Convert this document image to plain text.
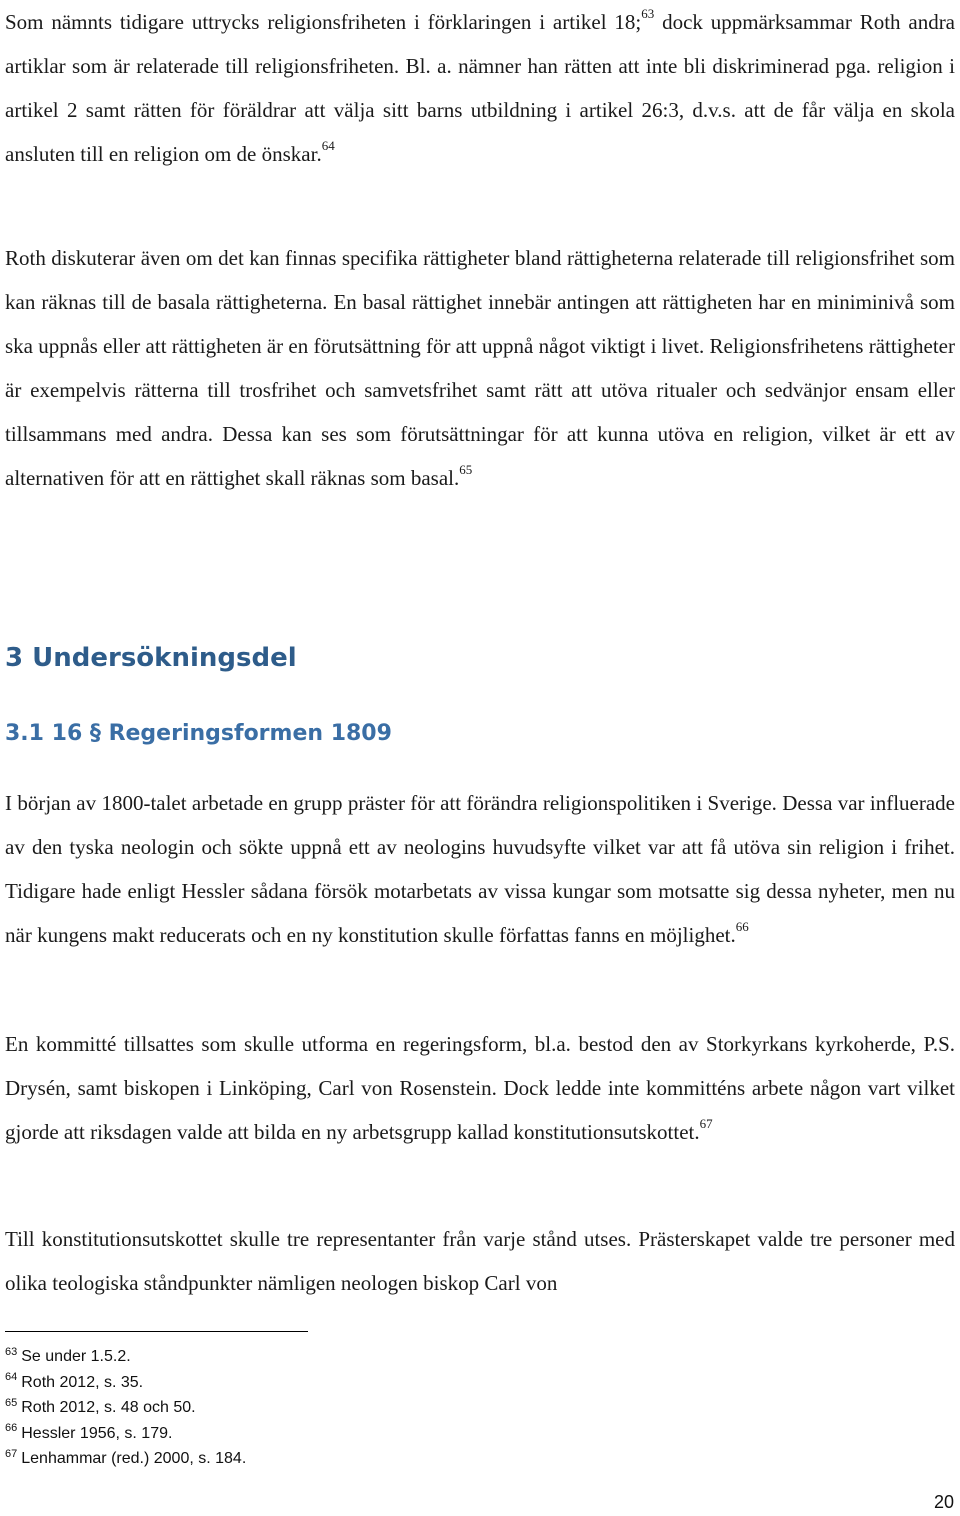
Som nämnts tidigare uttrycks religionsfriheten i förklaringen i artikel 18;$^{63}$ dock uppmärksammar Roth andra artiklar som är relaterade till religionsfriheten. Bl. a. nämner han rätten att inte bli diskriminerad pga. religion i artikel 2 samt rätten för föräldrar att välja sitt barns utbildning i artikel 26:3, d.v.s. att de får välja en skola ansluten till en religion om de önskar.$^{64}$

Roth diskuterar även om det kan finnas specifika rättigheter bland rättigheterna relaterade till religionsfrihet som kan räknas till de basala rättigheterna. En basal rättighet innebär antingen att rättigheten har en miniminivå som ska uppnås eller att rättigheten är en förutsättning för att uppnå något viktigt i livet. Religionsfrihetens rättigheter är exempelvis rätterna till trosfrihet och samvetsfrihet samt rätt att utöva ritualer och sedvänjor ensam eller tillsammans med andra. Dessa kan ses som förutsättningar för att kunna utöva en religion, vilket är ett av alternativen för att en rättighet skall räknas som basal.$^{65}$

3 Undersökningsdel
3.1 16 § Regeringsformen 1809

I början av 1800-talet arbetade en grupp präster för att förändra religionspolitiken i Sverige. Dessa var influerade av den tyska neologin och sökte uppnå ett av neologins huvudsyfte vilket var att få utöva sin religion i frihet. Tidigare hade enligt Hessler sådana försök motarbetats av vissa kungar som motsatte sig dessa nyheter, men nu när kungens makt reducerats och en ny konstitution skulle författas fanns en möjlighet.$^{66}$

En kommitté tillsattes som skulle utforma en regeringsform, bl.a. bestod den av Storkyrkans kyrkoherde, P.S. Drysén, samt biskopen i Linköping, Carl von Rosenstein. Dock ledde inte kommitténs arbete någon vart vilket gjorde att riksdagen valde att bilda en ny arbetsgrupp kallad konstitutionsutskottet.$^{67}$

Till konstitutionsutskottet skulle tre representanter från varje stånd utses. Prästerskapet valde tre personer med olika teologiska ståndpunkter nämligen neologen biskop Carl von

$^{63}$ Se under 1.5.2.
$^{64}$ Roth 2012, s. 35.
$^{65}$ Roth 2012, s. 48 och 50.
$^{66}$ Hessler 1956, s. 179.
$^{67}$ Lenhammar (red.) 2000, s. 184.
20
